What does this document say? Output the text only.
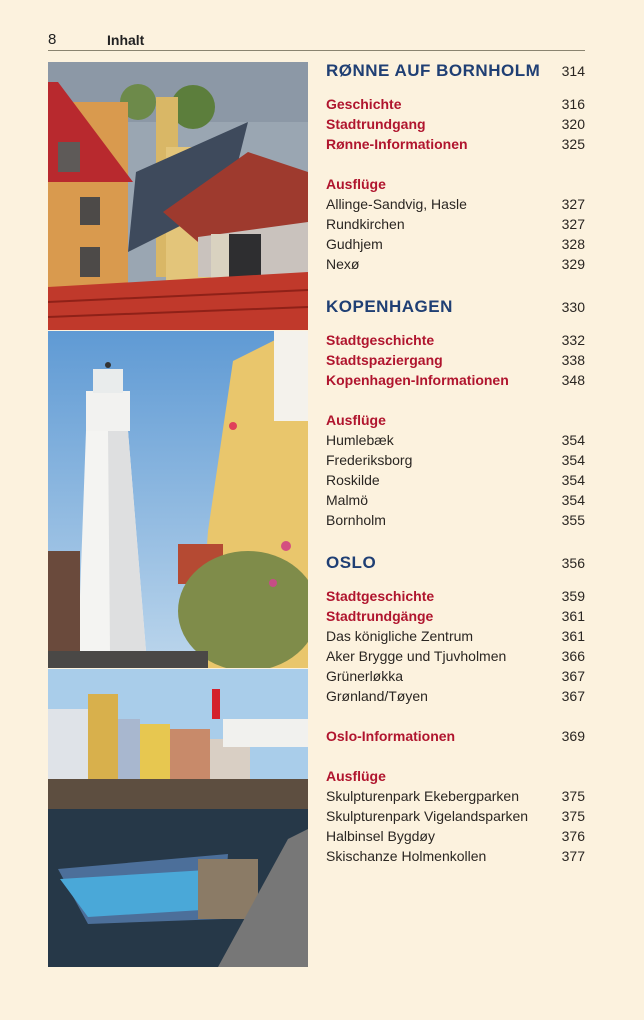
8	Inhalt
RØNNE AUF BORNHOLM 314
Geschichte	316
Stadtrundgang	320
Rønne-Informationen	325
Ausflüge
Allinge-Sandvig, Hasle	327
Rundkirchen	327
Gudhjem	328
Nexø	329
KOPENHAGEN	330
Stadtgeschichte	332
Stadtspaziergang	338
Kopenhagen-Informationen	348
Ausflüge
Humlebæk	354
Frederiksborg	354
Roskilde	354
Malmö	354
Bornholm	355
OSLO	356
Stadtgeschichte	359
Stadtrundgänge	361
Das königliche Zentrum	361
Aker Brygge und Tjuvholmen	366
Grünerløkka	367
Grønland/Tøyen	367
Oslo-Informationen	369
Ausflüge
Skulpturenpark Ekebergparken	375
Skulpturenpark Vigelandsparken 375
Halbinsel Bygdøy	376
Skischanze Holmenkollen	377
